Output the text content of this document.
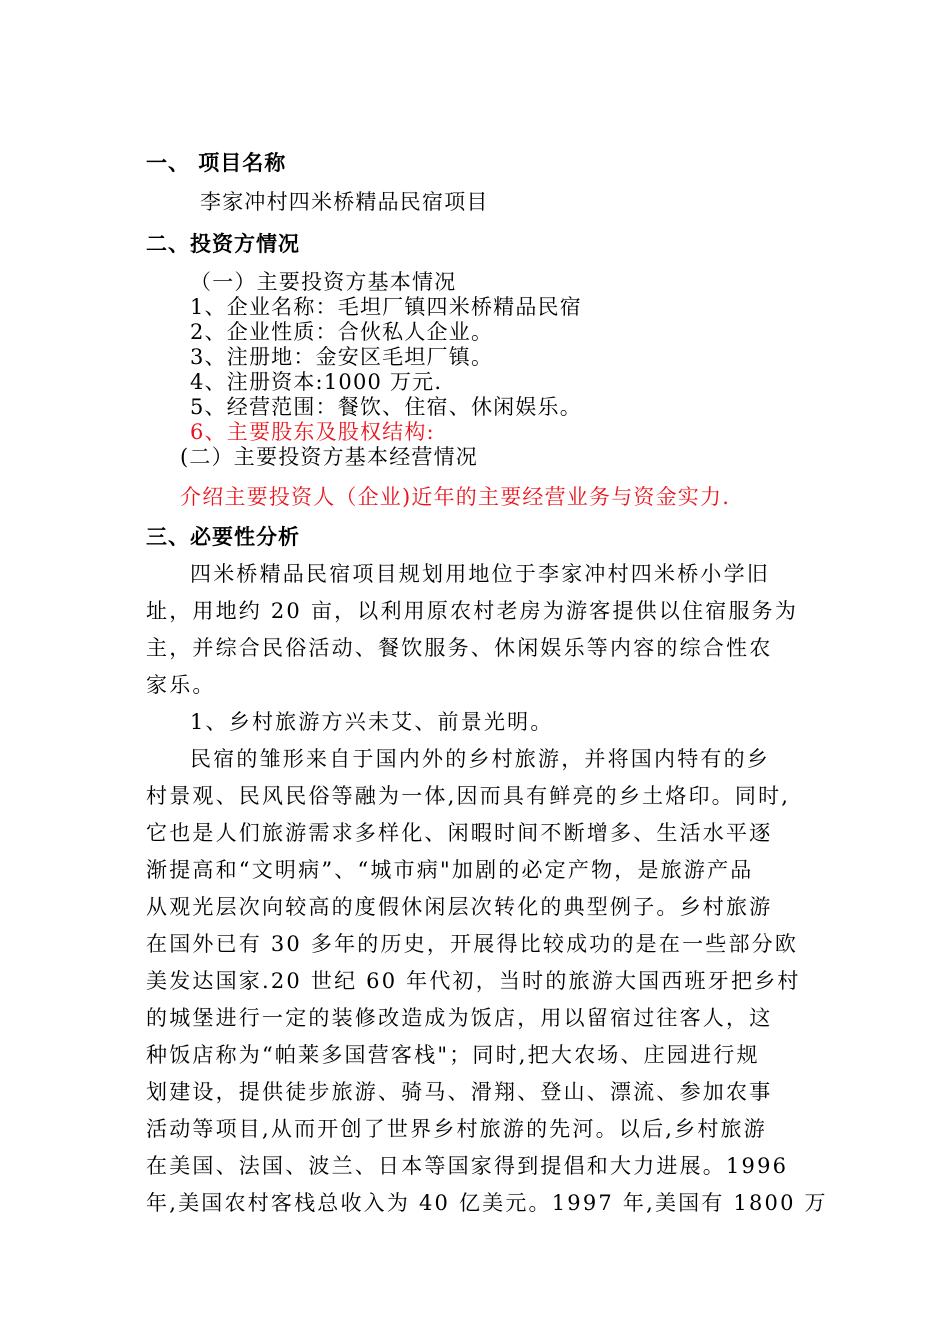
一、 项目名称
李家冲村四米桥精品民宿项目
二、投资方情况
（一）主要投资方基本情况
1、企业名称：毛坦厂镇四米桥精品民宿
2、企业性质：合伙私人企业。
3、注册地：金安区毛坦厂镇。
4、注册资本:1000 万元.
5、经营范围：餐饮、住宿、休闲娱乐。
6、主要股东及股权结构:
(二）主要投资方基本经营情况
介绍主要投资人（企业)近年的主要经营业务与资金实力.
三、必要性分析
四米桥精品民宿项目规划用地位于李家冲村四米桥小学旧
址，用地约 20 亩，以利用原农村老房为游客提供以住宿服务为
主，并综合民俗活动、餐饮服务、休闲娱乐等内容的综合性农
家乐。
1、乡村旅游方兴未艾、前景光明。
民宿的雏形来自于国内外的乡村旅游，并将国内特有的乡
村景观、民风民俗等融为一体,因而具有鲜亮的乡土烙印。同时,
它也是人们旅游需求多样化、闲暇时间不断增多、生活水平逐
渐提高和“文明病”、“城市病"加剧的必定产物，是旅游产品
从观光层次向较高的度假休闲层次转化的典型例子。乡村旅游
在国外已有 30 多年的历史，开展得比较成功的是在一些部分欧
美发达国家.20 世纪 60 年代初，当时的旅游大国西班牙把乡村
的城堡进行一定的装修改造成为饭店，用以留宿过往客人，这
种饭店称为“帕莱多国营客栈"；同时,把大农场、庄园进行规
划建设，提供徒步旅游、骑马、滑翔、登山、漂流、参加农事
活动等项目,从而开创了世界乡村旅游的先河。以后,乡村旅游
在美国、法国、波兰、日本等国家得到提倡和大力进展。1996
年,美国农村客栈总收入为 40 亿美元。1997 年,美国有 1800 万
